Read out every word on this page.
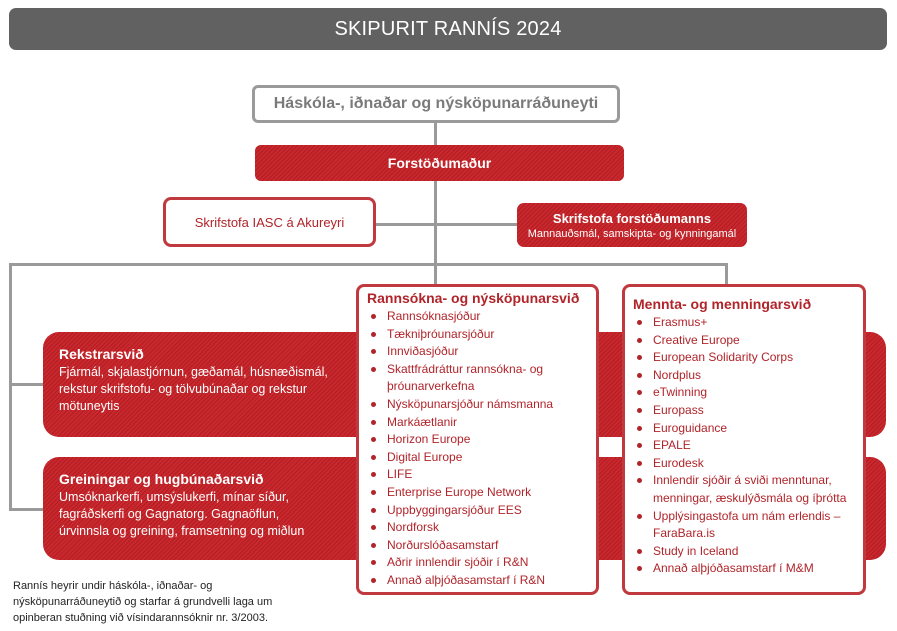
SKIPURIT RANNÍS 2024
Háskóla-, iðnaðar og nýsköpunarráðuneyti
Forstöðumaður
Skrifstofa IASC á Akureyri	Skrifstofa forstöðumanns
Mannauðsmál, samskipta- og kynningamál
Rekstrarsvið
Fjármál, skjalastjórnun, gæðamál, húsnæðismál, rekstur skrifstofu- og tölvubúnaðar og rekstur mötuneytis
Greiningar og hugbúnaðarsvið
Umsóknarkerfi, umsýslukerfi, mínar síður, fagráðskerfi og Gagnatorg. Gagnaöflun, úrvinnsla og greining, framsetning og miðlun
Rannsókna- og nýsköpunarsvið
Rannsóknasjóður
Tækniþróunarsjóður
Innviðasjóður
Skattfrádráttur rannsókna- og þróunarverkefna
Nýsköpunarsjóður námsmanna
Markáætlanir
Horizon Europe
Digital Europe
LIFE
Enterprise Europe Network
Uppbyggingarsjóður EES
Nordforsk
Norðurslóðasamstarf
Aðrir innlendir sjóðir í R&N
Annað alþjóðasamstarf í R&N
Mennta- og menningarsvið
Erasmus+
Creative Europe
European Solidarity Corps
Nordplus
eTwinning
Europass
Euroguidance
EPALE
Eurodesk
Innlendir sjóðir á sviði menntunar, menningar, æskulýðsmála og íþrótta
Upplýsingastofa um nám erlendis – FaraBara.is
Study in Iceland
Annað alþjóðasamstarf í M&M
Rannís heyrir undir háskóla-, iðnaðar- og nýsköpunarráðuneytið og starfar á grundvelli laga um opinberan stuðning við vísindarannsóknir nr. 3/2003.
